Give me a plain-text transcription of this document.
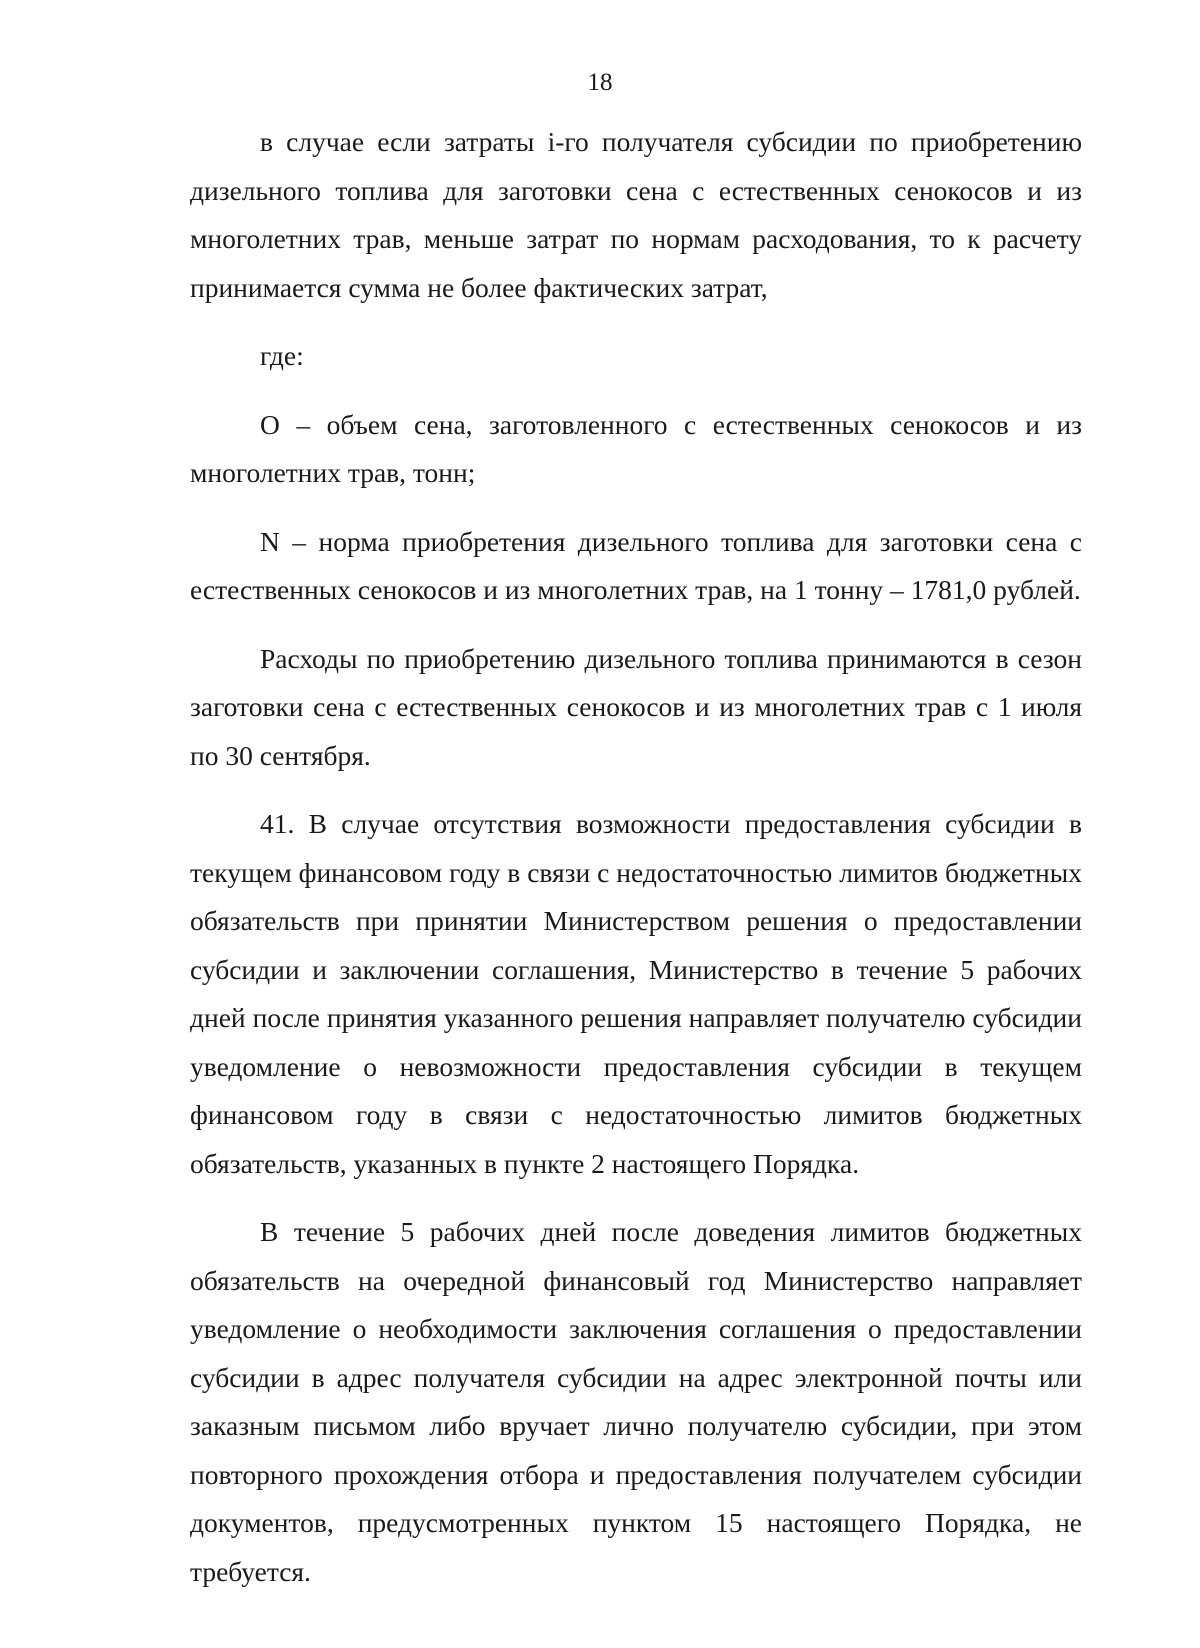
18

в случае если затраты i-го получателя субсидии по приобретению дизельного топлива для заготовки сена с естественных сенокосов и из многолетних трав, меньше затрат по нормам расходования, то к расчету принимается сумма не более фактических затрат,

где:

O – объем сена, заготовленного с естественных сенокосов и из многолетних трав, тонн;

N – норма приобретения дизельного топлива для заготовки сена с естественных сенокосов и из многолетних трав, на 1 тонну – 1781,0 рублей.

Расходы по приобретению дизельного топлива принимаются в сезон заготовки сена с естественных сенокосов и из многолетних трав с 1 июля по 30 сентября.

41. В случае отсутствия возможности предоставления субсидии в текущем финансовом году в связи с недостаточностью лимитов бюджетных обязательств при принятии Министерством решения о предоставлении субсидии и заключении соглашения, Министерство в течение 5 рабочих дней после принятия указанного решения направляет получателю субсидии уведомление о невозможности предоставления субсидии в текущем финансовом году в связи с недостаточностью лимитов бюджетных обязательств, указанных в пункте 2 настоящего Порядка.

В течение 5 рабочих дней после доведения лимитов бюджетных обязательств на очередной финансовый год Министерство направляет уведомление о необходимости заключения соглашения о предоставлении субсидии в адрес получателя субсидии на адрес электронной почты или заказным письмом либо вручает лично получателю субсидии, при этом повторного прохождения отбора и предоставления получателем субсидии документов, предусмотренных пунктом 15 настоящего Порядка, не требуется.
